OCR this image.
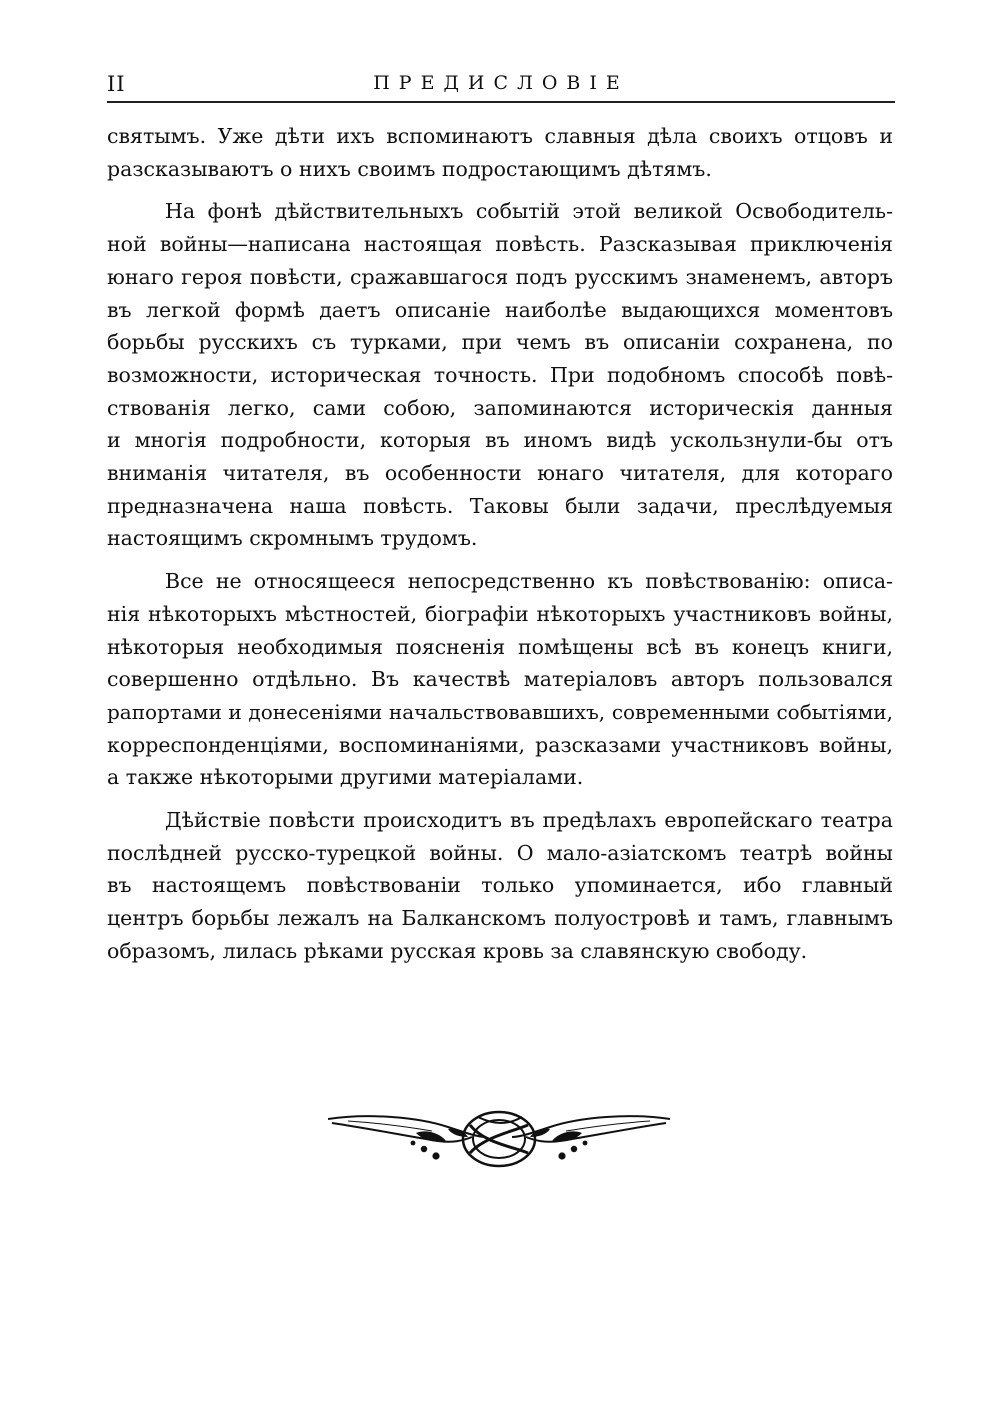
II	ПРЕДИСЛОВІЕ

святымъ. Уже дѣти ихъ вспоминаютъ славныя дѣла своихъ отцовъ и
разсказываютъ о нихъ своимъ подростающимъ дѣтямъ.

На фонѣ дѣйствительныхъ событій этой великой Освободитель-
ной войны—написана настоящая повѣсть. Разсказывая приключенія
юнаго героя повѣсти, сражавшагося подъ русскимъ знаменемъ, авторъ
въ легкой формѣ даетъ описаніе наиболѣе выдающихся моментовъ
борьбы русскихъ съ турками, при чемъ въ описаніи сохранена, по
возможности, историческая точность. При подобномъ способѣ повѣ-
ствованія легко, сами собою, запоминаются историческія данныя
и многія подробности, которыя въ иномъ видѣ ускользнули-бы отъ
вниманія читателя, въ особенности юнаго читателя, для котораго
предназначена наша повѣсть. Таковы были задачи, преслѣдуемыя
настоящимъ скромнымъ трудомъ.

Все не относящееся непосредственно къ повѣствованію: описа-
нія нѣкоторыхъ мѣстностей, біографіи нѣкоторыхъ участниковъ войны,
нѣкоторыя необходимыя поясненія помѣщены всѣ въ конецъ книги,
совершенно отдѣльно. Въ качествѣ матеріаловъ авторъ пользовался
рапортами и донесеніями начальствовавшихъ, современными событіями,
корреспонденціями, воспоминаніями, разсказами участниковъ войны,
а также нѣкоторыми другими матеріалами.

Дѣйствіе повѣсти происходитъ въ предѣлахъ европейскаго театра
послѣдней русско-турецкой войны. О мало-азіатскомъ театрѣ войны
въ настоящемъ повѣствованіи только упоминается, ибо главный
центръ борьбы лежалъ на Балканскомъ полуостровѣ и тамъ, главнымъ
образомъ, лилась рѣками русская кровь за славянскую свободу.
